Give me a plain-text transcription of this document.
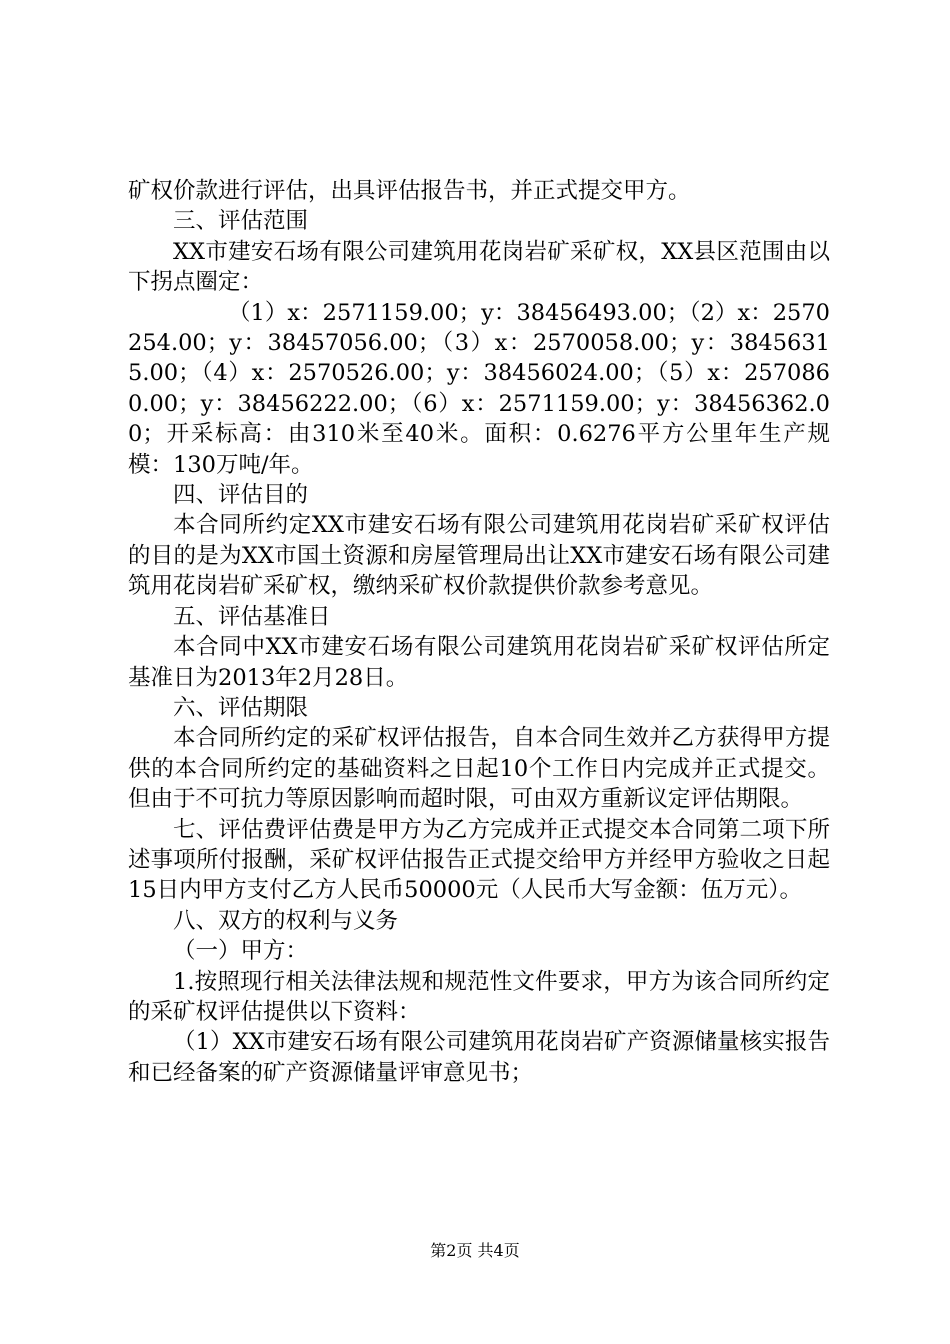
矿权价款进行评估，出具评估报告书，并正式提交甲方。

三、评估范围

XX市建安石场有限公司建筑用花岗岩矿采矿权，XX县区范围由以下拐点圈定：

（1）x：2571159.00；y：38456493.00；（2）x：2570254.00；y：38457056.00；（3）x：2570058.00；y：38456315.00；（4）x：2570526.00；y：38456024.00；（5）x：2570860.00；y：38456222.00；（6）x：2571159.00；y：38456362.00；开采标高：由310米至40米。面积：0.6276平方公里年生产规模：130万吨/年。

四、评估目的

本合同所约定XX市建安石场有限公司建筑用花岗岩矿采矿权评估的目的是为XX市国土资源和房屋管理局出让XX市建安石场有限公司建筑用花岗岩矿采矿权，缴纳采矿权价款提供价款参考意见。

五、评估基准日

本合同中XX市建安石场有限公司建筑用花岗岩矿采矿权评估所定基准日为2013年2月28日。

六、评估期限

本合同所约定的采矿权评估报告，自本合同生效并乙方获得甲方提供的本合同所约定的基础资料之日起10个工作日内完成并正式提交。但由于不可抗力等原因影响而超时限，可由双方重新议定评估期限。

七、评估费评估费是甲方为乙方完成并正式提交本合同第二项下所述事项所付报酬，采矿权评估报告正式提交给甲方并经甲方验收之日起15日内甲方支付乙方人民币50000元（人民币大写金额：伍万元）。

八、双方的权利与义务

（一）甲方：

1.按照现行相关法律法规和规范性文件要求，甲方为该合同所约定的采矿权评估提供以下资料：

（1）XX市建安石场有限公司建筑用花岗岩矿产资源储量核实报告和已经备案的矿产资源储量评审意见书；

第2页 共4页
